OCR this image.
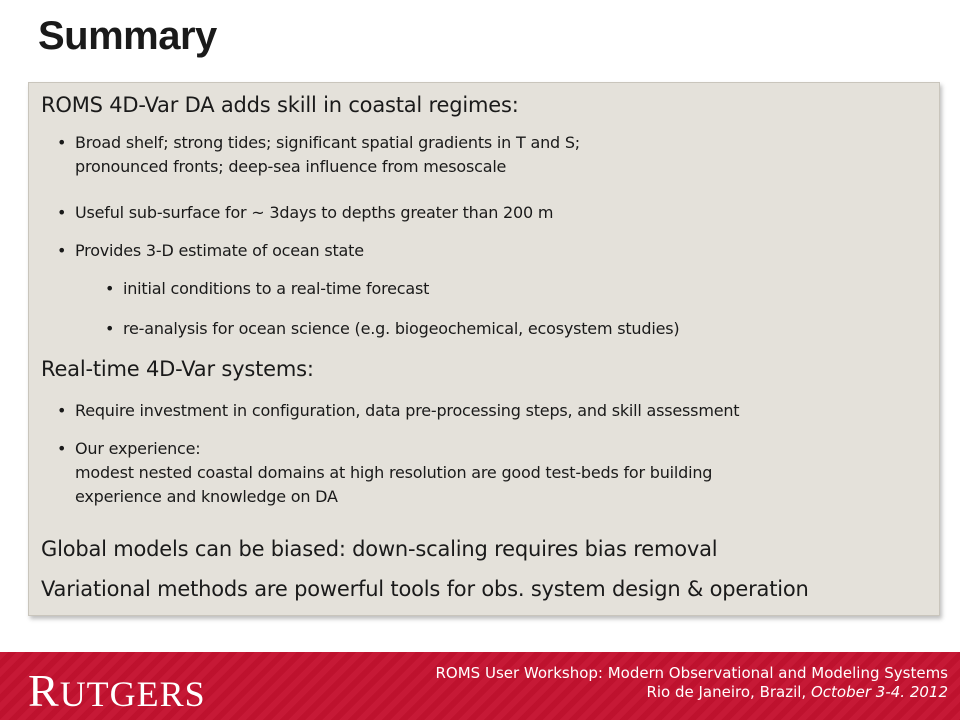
Summary
ROMS 4D-Var DA adds skill in coastal regimes:
• Broad shelf; strong tides; significant spatial gradients in T and S;
pronounced fronts; deep-sea influence from mesoscale
• Useful sub-surface for ~ 3days to depths greater than 200 m
• Provides 3-D estimate of ocean state
• initial conditions to a real-time forecast
• re-analysis for ocean science (e.g. biogeochemical, ecosystem studies)
Real-time 4D-Var systems:
• Require investment in configuration, data pre-processing steps, and skill assessment
• Our experience:
modest nested coastal domains at high resolution are good test-beds for building
experience and knowledge on DA
Global models can be biased: down-scaling requires bias removal
Variational methods are powerful tools for obs. system design & operation
RUTGERS
ROMS User Workshop: Modern Observational and Modeling Systems
Rio de Janeiro, Brazil, October 3-4. 2012
